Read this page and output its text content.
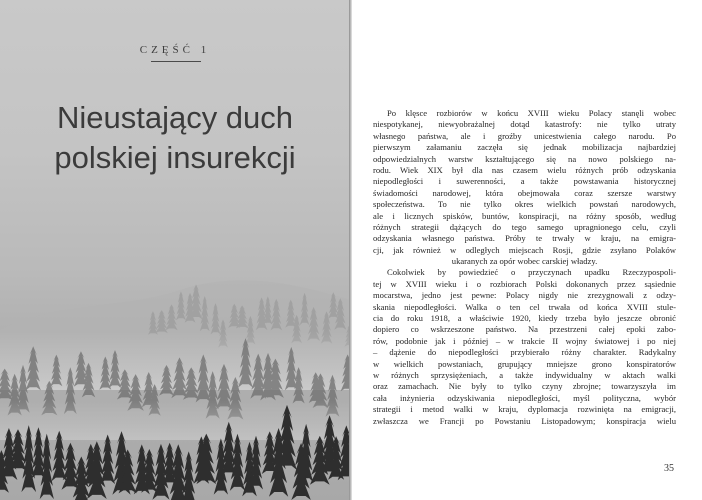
CZĘŚĆ 1
Nieustający duch
polskiej insurekcji
Po klęsce rozbiorów w końcu XVIII wieku Polacy stanęli wobec
niespotykanej, niewyobrażalnej dotąd katastrofy: nie tylko utraty
własnego państwa, ale i groźby unicestwienia całego narodu. Po
pierwszym załamaniu zaczęła się jednak mobilizacja najbardziej
odpowiedzialnych warstw kształtującego się na nowo polskiego na-
rodu. Wiek XIX był dla nas czasem wielu różnych prób odzyskania
niepodległości i suwerenności, a także powstawania historycznej
świadomości narodowej, która obejmowała coraz szersze warstwy
społeczeństwa. To nie tylko okres wielkich powstań narodowych,
ale i licznych spisków, buntów, konspiracji, na różny sposób, według
różnych strategii dążących do tego samego upragnionego celu, czyli
odzyskania własnego państwa. Próby te trwały w kraju, na emigra-
cji, jak również w odległych miejscach Rosji, gdzie zsyłano Polaków
ukaranych za opór wobec carskiej władzy.
Cokolwiek by powiedzieć o przyczynach upadku Rzeczypospoli-
tej w XVIII wieku i o rozbiorach Polski dokonanych przez sąsiednie
mocarstwa, jedno jest pewne: Polacy nigdy nie zrezygnowali z odzy-
skania niepodległości. Walka o ten cel trwała od końca XVIII stule-
cia do roku 1918, a właściwie 1920, kiedy trzeba było jeszcze obronić
dopiero co wskrzeszone państwo. Na przestrzeni całej epoki zabo-
rów, podobnie jak i później – w trakcie II wojny światowej i po niej
– dążenie do niepodległości przybierało różny charakter. Radykalny
w wielkich powstaniach, grupujący mniejsze grono konspiratorów
w różnych sprzysiężeniach, a także indywidualny w aktach walki
oraz zamachach. Nie były to tylko czyny zbrojne; towarzyszyła im
cała inżynieria odzyskiwania niepodległości, myśl polityczna, wybór
strategii i metod walki w kraju, dyplomacja rozwinięta na emigracji,
zwłaszcza we Francji po Powstaniu Listopadowym; konspiracja wielu
35
